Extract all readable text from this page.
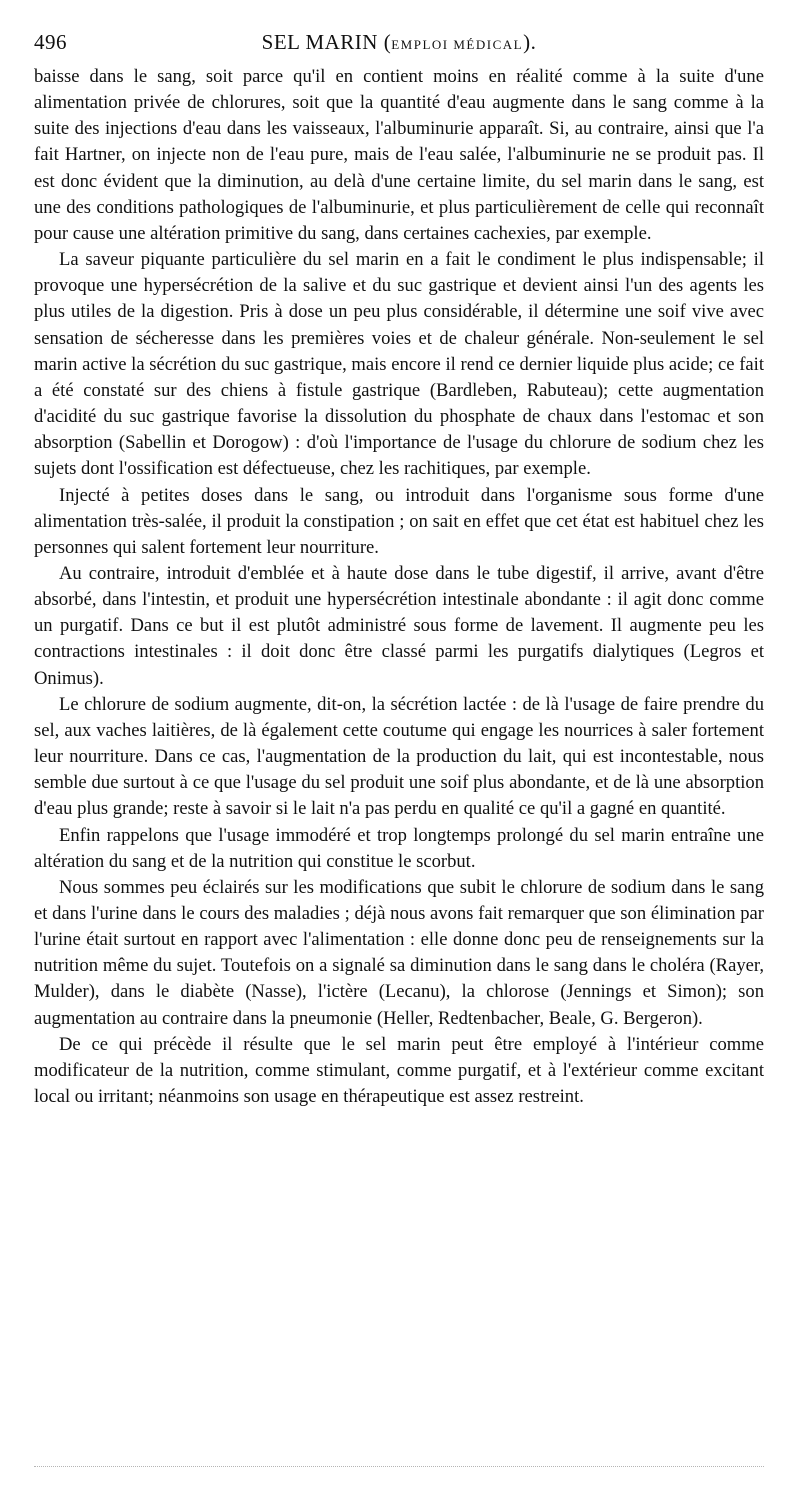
496	SEL MARIN (EMPLOI MÉDICAL).

baisse dans le sang, soit parce qu'il en contient moins en réalité comme à la suite d'une alimentation privée de chlorures, soit que la quantité d'eau augmente dans le sang comme à la suite des injections d'eau dans les vaisseaux, l'albuminurie apparaît. Si, au contraire, ainsi que l'a fait Hartner, on injecte non de l'eau pure, mais de l'eau salée, l'albuminurie ne se produit pas. Il est donc évident que la diminution, au delà d'une certaine limite, du sel marin dans le sang, est une des conditions pathologiques de l'albuminurie, et plus particulièrement de celle qui reconnaît pour cause une altération primitive du sang, dans certaines cachexies, par exemple.

La saveur piquante particulière du sel marin en a fait le condiment le plus indispensable; il provoque une hypersécrétion de la salive et du suc gastrique et devient ainsi l'un des agents les plus utiles de la digestion. Pris à dose un peu plus considérable, il détermine une soif vive avec sensation de sécheresse dans les premières voies et de chaleur générale. Non-seulement le sel marin active la sécrétion du suc gastrique, mais encore il rend ce dernier liquide plus acide; ce fait a été constaté sur des chiens à fistule gastrique (Bardleben, Rabuteau); cette augmentation d'acidité du suc gastrique favorise la dissolution du phosphate de chaux dans l'estomac et son absorption (Sabellin et Dorogow) : d'où l'importance de l'usage du chlorure de sodium chez les sujets dont l'ossification est défectueuse, chez les rachitiques, par exemple.

Injecté à petites doses dans le sang, ou introduit dans l'organisme sous forme d'une alimentation très-salée, il produit la constipation ; on sait en effet que cet état est habituel chez les personnes qui salent fortement leur nourriture.

Au contraire, introduit d'emblée et à haute dose dans le tube digestif, il arrive, avant d'être absorbé, dans l'intestin, et produit une hypersécrétion intestinale abondante : il agit donc comme un purgatif. Dans ce but il est plutôt administré sous forme de lavement. Il augmente peu les contractions intestinales : il doit donc être classé parmi les purgatifs dialytiques (Legros et Onimus).

Le chlorure de sodium augmente, dit-on, la sécrétion lactée : de là l'usage de faire prendre du sel, aux vaches laitières, de là également cette coutume qui engage les nourrices à saler fortement leur nourriture. Dans ce cas, l'augmentation de la production du lait, qui est incontestable, nous semble due surtout à ce que l'usage du sel produit une soif plus abondante, et de là une absorption d'eau plus grande; reste à savoir si le lait n'a pas perdu en qualité ce qu'il a gagné en quantité.

Enfin rappelons que l'usage immodéré et trop longtemps prolongé du sel marin entraîne une altération du sang et de la nutrition qui constitue le scorbut.

Nous sommes peu éclairés sur les modifications que subit le chlorure de sodium dans le sang et dans l'urine dans le cours des maladies ; déjà nous avons fait remarquer que son élimination par l'urine était surtout en rapport avec l'alimentation : elle donne donc peu de renseignements sur la nutrition même du sujet. Toutefois on a signalé sa diminution dans le sang dans le choléra (Rayer, Mulder), dans le diabète (Nasse), l'ictère (Lecanu), la chlorose (Jennings et Simon); son augmentation au contraire dans la pneumonie (Heller, Redtenbacher, Beale, G. Bergeron).

De ce qui précède il résulte que le sel marin peut être employé à l'intérieur comme modificateur de la nutrition, comme stimulant, comme purgatif, et à l'extérieur comme excitant local ou irritant; néanmoins son usage en thérapeutique est assez restreint.
